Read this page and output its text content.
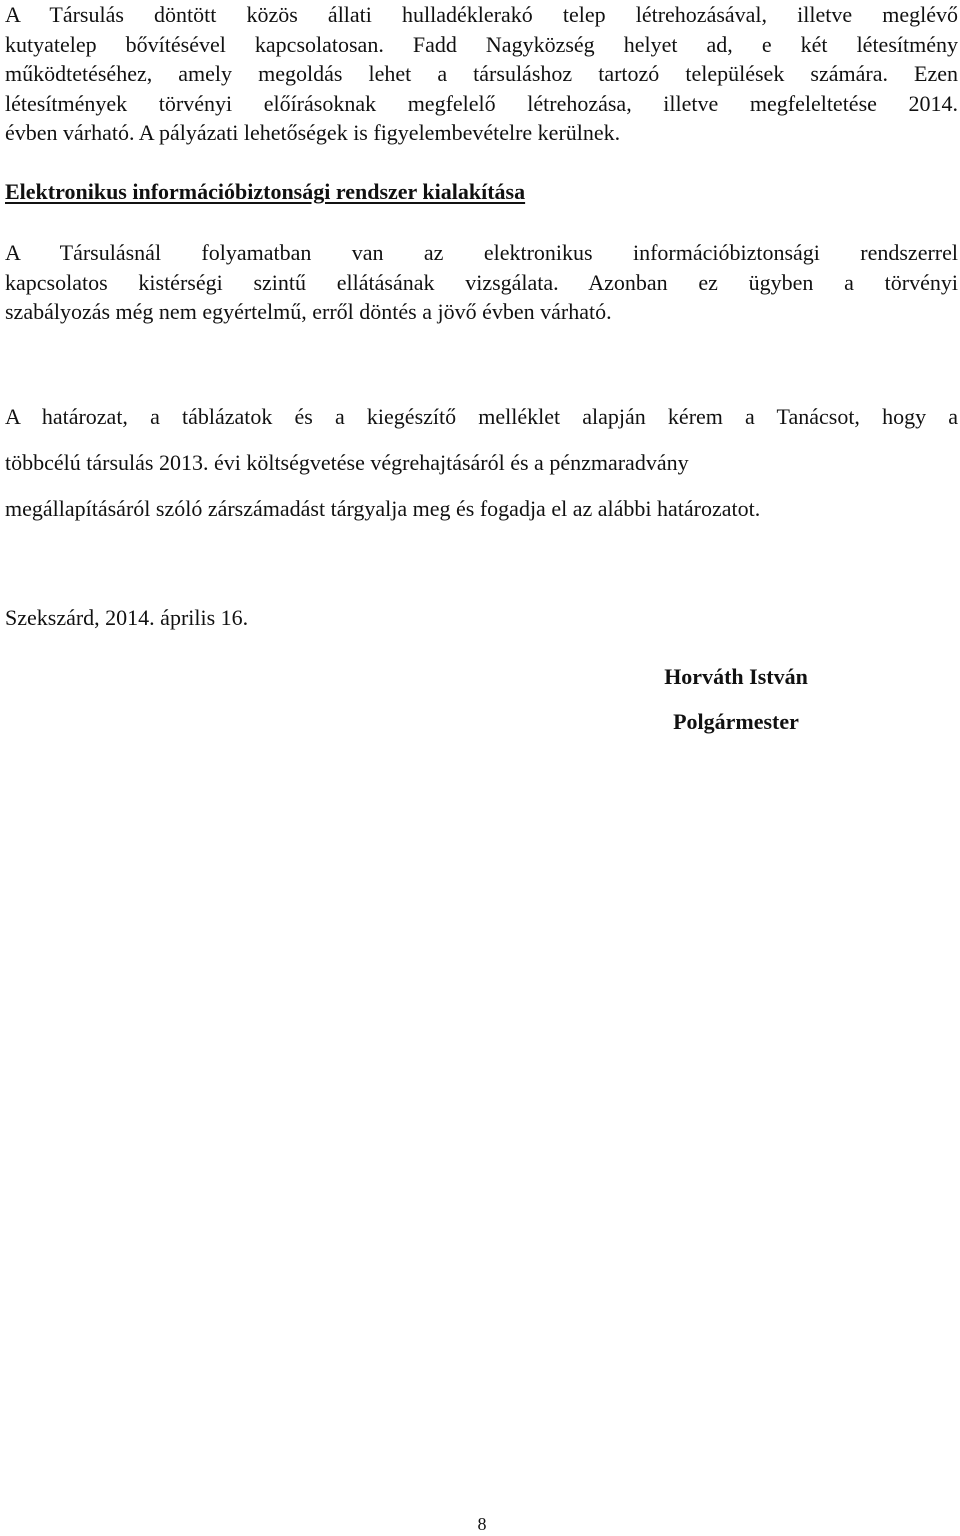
A Társulás döntött közös állati hulladéklerakó telep létrehozásával, illetve meglévő
kutyatelep bővítésével kapcsolatosan. Fadd Nagyközség helyet ad, e két létesítmény
működtetéséhez, amely megoldás lehet a társuláshoz tartozó települések számára. Ezen
létesítmények törvényi előírásoknak megfelelő létrehozása, illetve megfeleltetése 2014.
évben várható. A pályázati lehetőségek is figyelembevételre kerülnek.

Elektronikus információbiztonsági rendszer kialakítása

A Társulásnál folyamatban van az elektronikus információbiztonsági rendszerrel
kapcsolatos kistérségi szintű ellátásának vizsgálata. Azonban ez ügyben a törvényi
szabályozás még nem egyértelmű, erről döntés a jövő évben várható.

A határozat, a táblázatok és a kiegészítő melléklet alapján kérem a Tanácsot, hogy a
többcélú társulás 2013. évi költségvetése végrehajtásáról és a pénzmaradvány
megállapításáról szóló zárszámadást tárgyalja meg és fogadja el az alábbi határozatot.

Szekszárd, 2014. április 16.

Horváth István

Polgármester

8
